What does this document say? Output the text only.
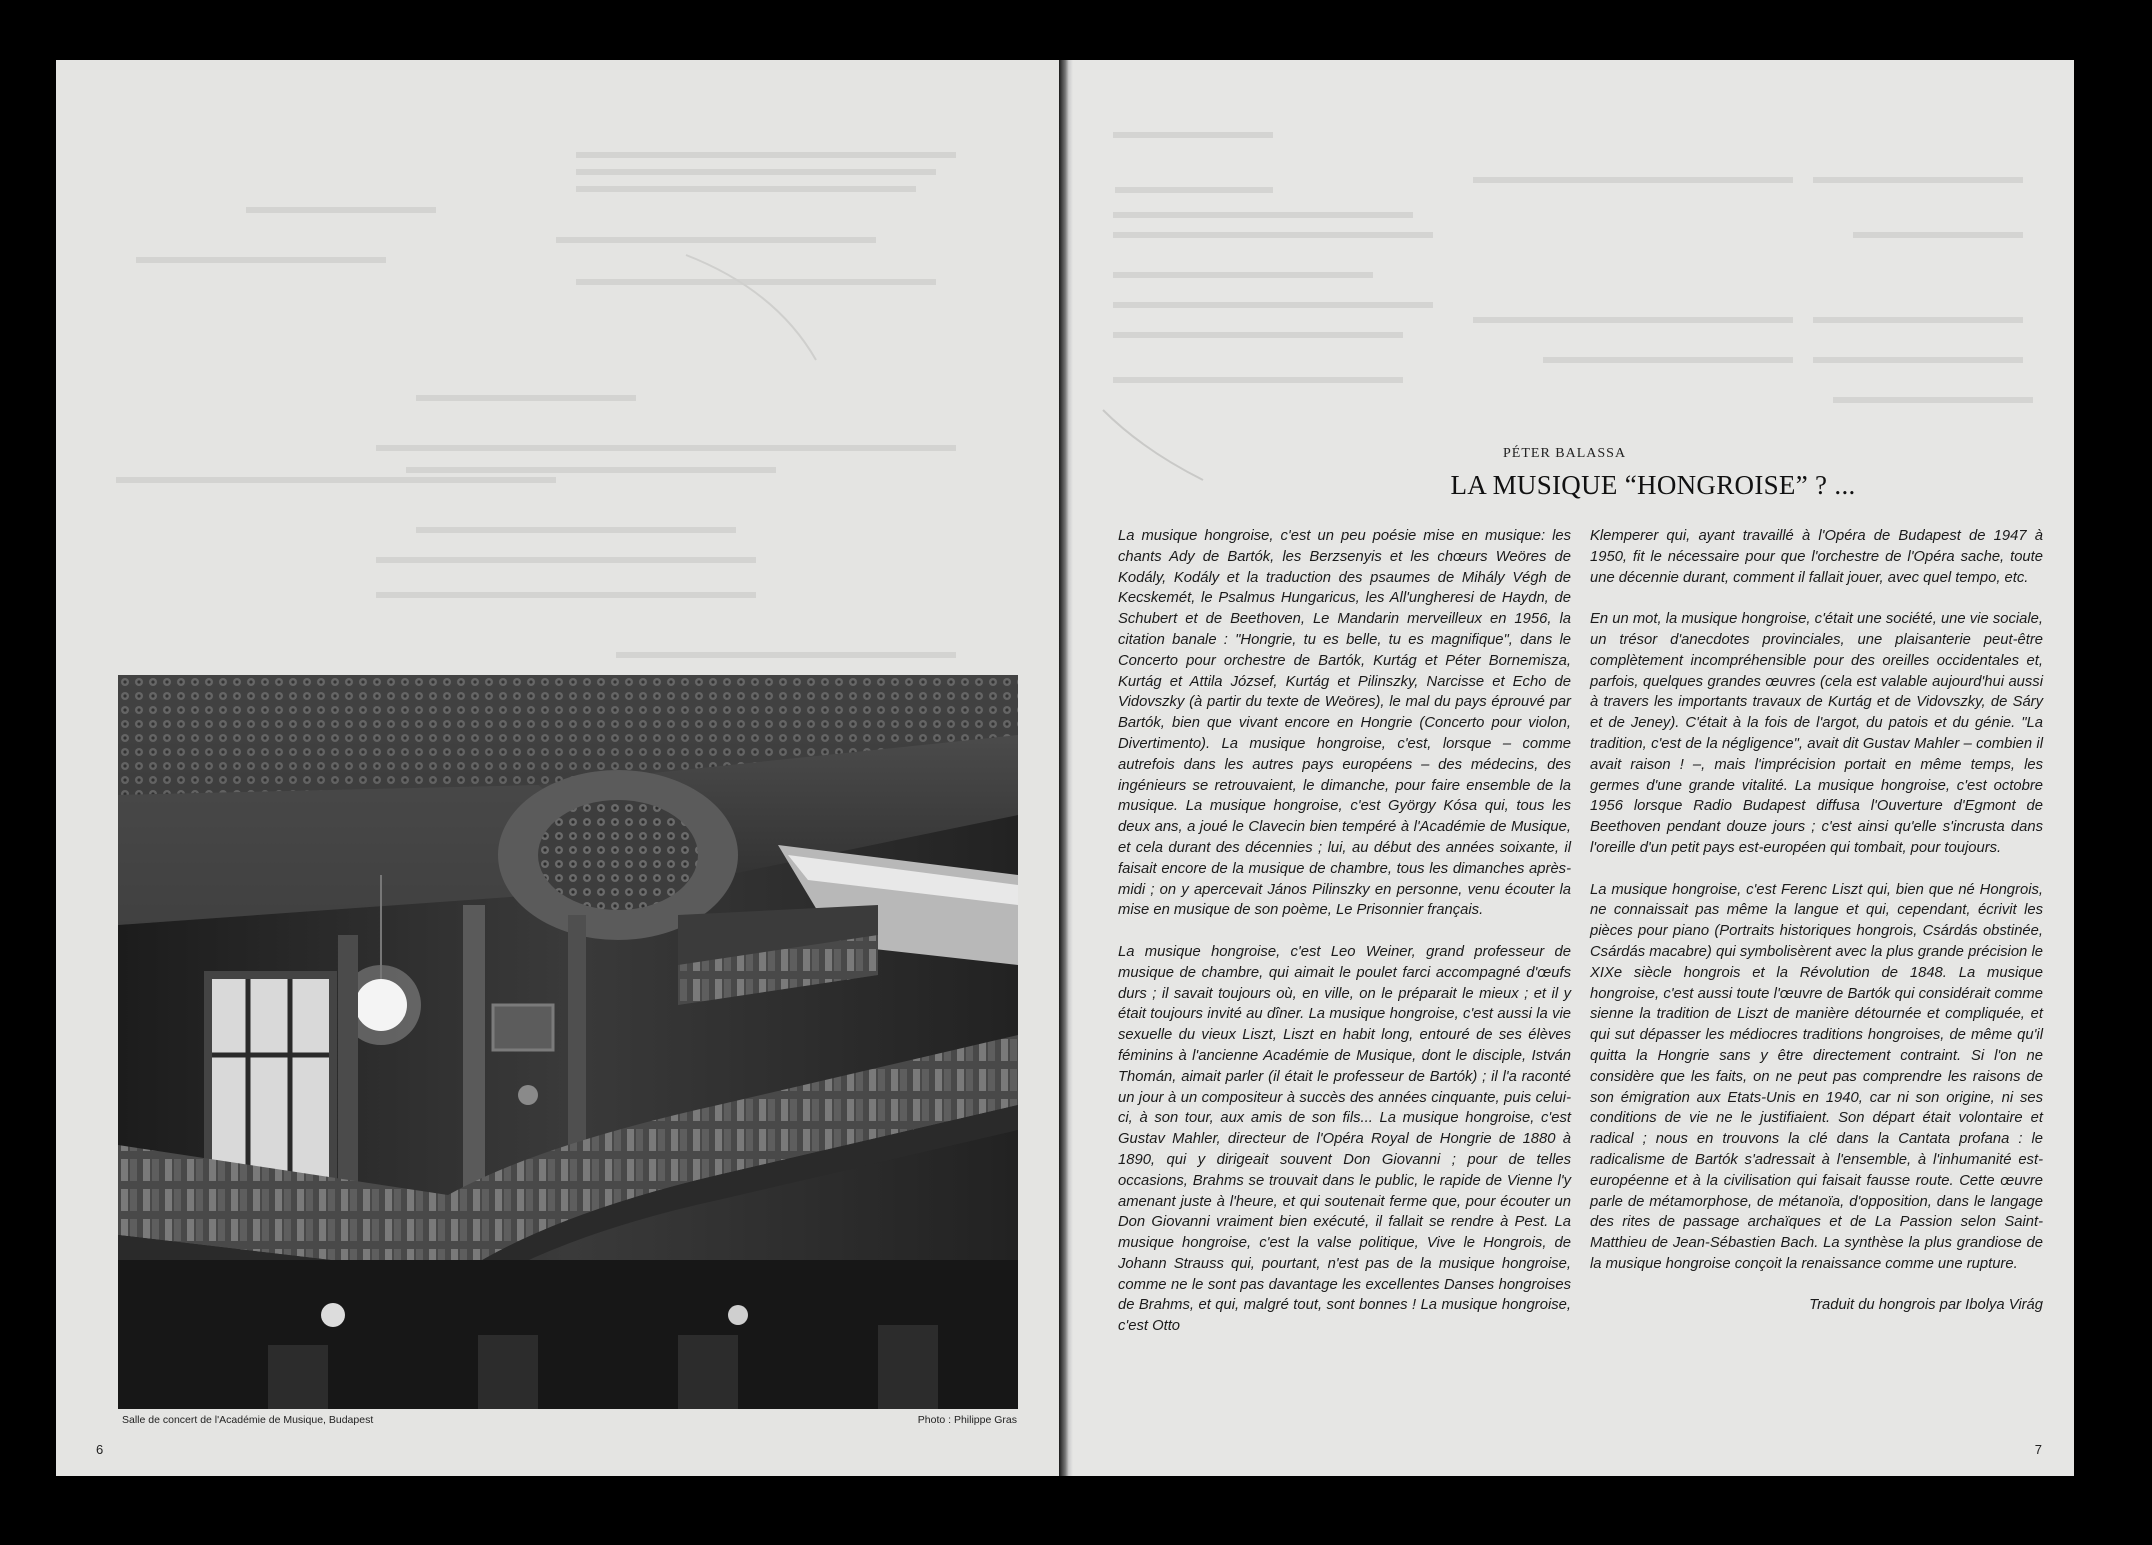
Salle de concert de l'Académie de Musique, Budapest	Photo : Philippe Gras
6
PÉTER BALASSA
LA MUSIQUE “HONGROISE” ? ...

La musique hongroise, c'est un peu poésie mise en musique: les chants Ady de Bartók, les Berzsenyis et les chœurs Weöres de Kodály, Kodály et la traduction des psaumes de Mihály Végh de Kecskemét, le Psalmus Hungaricus, les All'ungheresi de Haydn, de Schubert et de Beethoven, Le Mandarin merveilleux en 1956, la citation banale : "Hongrie, tu es belle, tu es magnifique", dans le Concerto pour orchestre de Bartók, Kurtág et Péter Bornemisza, Kurtág et Attila József, Kurtág et Pilinszky, Narcisse et Echo de Vidovszky (à partir du texte de Weöres), le mal du pays éprouvé par Bartók, bien que vivant encore en Hongrie (Concerto pour violon, Divertimento). La musique hongroise, c'est, lorsque – comme autrefois dans les autres pays européens – des médecins, des ingénieurs se retrouvaient, le dimanche, pour faire ensemble de la musique. La musique hongroise, c'est György Kósa qui, tous les deux ans, a joué le Clavecin bien tempéré à l'Académie de Musique, et cela durant des décennies ; lui, au début des années soixante, il faisait encore de la musique de chambre, tous les dimanches après-midi ; on y apercevait János Pilinszky en personne, venu écouter la mise en musique de son poème, Le Prisonnier français.

La musique hongroise, c'est Leo Weiner, grand professeur de musique de chambre, qui aimait le poulet farci accompagné d'œufs durs ; il savait toujours où, en ville, on le préparait le mieux ; et il y était toujours invité au dîner. La musique hongroise, c'est aussi la vie sexuelle du vieux Liszt, Liszt en habit long, entouré de ses élèves féminins à l'ancienne Académie de Musique, dont le disciple, István Thomán, aimait parler (il était le professeur de Bartók) ; il l'a raconté un jour à un compositeur à succès des années cinquante, puis celui-ci, à son tour, aux amis de son fils... La musique hongroise, c'est Gustav Mahler, directeur de l'Opéra Royal de Hongrie de 1880 à 1890, qui y dirigeait souvent Don Giovanni ; pour de telles occasions, Brahms se trouvait dans le public, le rapide de Vienne l'y amenant juste à l'heure, et qui soutenait ferme que, pour écouter un Don Giovanni vraiment bien exécuté, il fallait se rendre à Pest. La musique hongroise, c'est la valse politique, Vive le Hongrois, de Johann Strauss qui, pourtant, n'est pas de la musique hongroise, comme ne le sont pas davantage les excellentes Danses hongroises de Brahms, et qui, malgré tout, sont bonnes ! La musique hongroise, c'est Otto

Klemperer qui, ayant travaillé à l'Opéra de Budapest de 1947 à 1950, fit le nécessaire pour que l'orchestre de l'Opéra sache, toute une décennie durant, comment il fallait jouer, avec quel tempo, etc.

En un mot, la musique hongroise, c'était une société, une vie sociale, un trésor d'anecdotes provinciales, une plaisanterie peut-être complètement incompréhensible pour des oreilles occidentales et, parfois, quelques grandes œuvres (cela est valable aujourd'hui aussi à travers les importants travaux de Kurtág et de Vidovszky, de Sáry et de Jeney). C'était à la fois de l'argot, du patois et du génie. "La tradition, c'est de la négligence", avait dit Gustav Mahler – combien il avait raison ! –, mais l'imprécision portait en même temps, les germes d'une grande vitalité. La musique hongroise, c'est octobre 1956 lorsque Radio Budapest diffusa l'Ouverture d'Egmont de Beethoven pendant douze jours ; c'est ainsi qu'elle s'incrusta dans l'oreille d'un petit pays est-européen qui tombait, pour toujours.

La musique hongroise, c'est Ferenc Liszt qui, bien que né Hongrois, ne connaissait pas même la langue et qui, cependant, écrivit les pièces pour piano (Portraits historiques hongrois, Csárdás obstinée, Csárdás macabre) qui symbolisèrent avec la plus grande précision le XIXe siècle hongrois et la Révolution de 1848. La musique hongroise, c'est aussi toute l'œuvre de Bartók qui considérait comme sienne la tradition de Liszt de manière détournée et compliquée, et qui sut dépasser les médiocres traditions hongroises, de même qu'il quitta la Hongrie sans y être directement contraint. Si l'on ne considère que les faits, on ne peut pas comprendre les raisons de son émigration aux Etats-Unis en 1940, car ni son origine, ni ses conditions de vie ne le justifiaient. Son départ était volontaire et radical ; nous en trouvons la clé dans la Cantata profana : le radicalisme de Bartók s'adressait à l'ensemble, à l'inhumanité est-européenne et à la civilisation qui faisait fausse route. Cette œuvre parle de métamorphose, de métanoïa, d'opposition, dans le langage des rites de passage archaïques et de La Passion selon Saint-Matthieu de Jean-Sébastien Bach. La synthèse la plus grandiose de la musique hongroise conçoit la renaissance comme une rupture.

Traduit du hongrois par Ibolya Virág
7
